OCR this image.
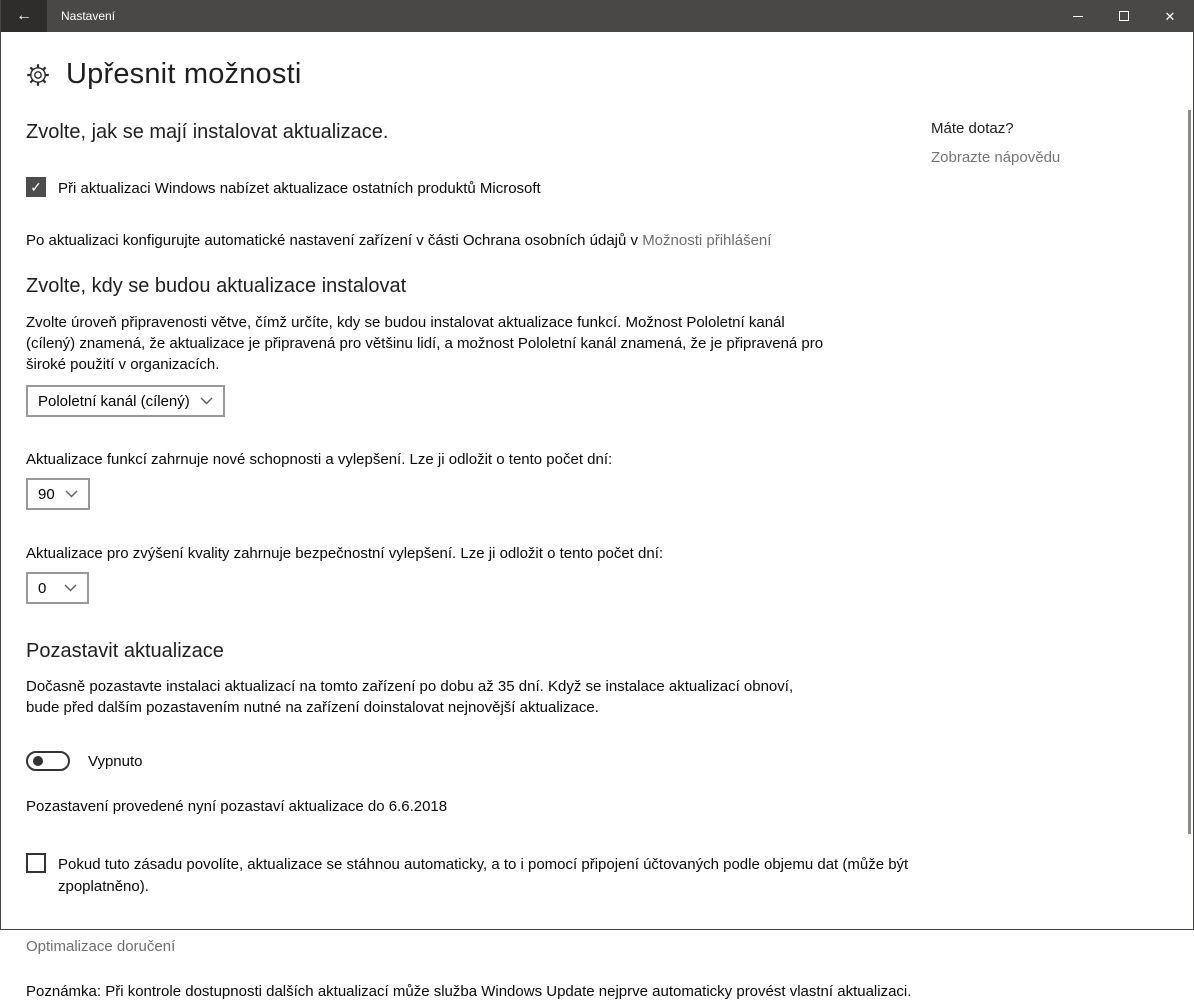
← Nastavení	✕
Upřesnit možnosti
Zvolte, jak se mají instalovat aktualizace.
✓ Při aktualizaci Windows nabízet aktualizace ostatních produktů Microsoft
Po aktualizaci konfigurujte automatické nastavení zařízení v části Ochrana osobních údajů v Možnosti přihlášení
Zvolte, kdy se budou aktualizace instalovat

Zvolte úroveň připravenosti větve, čímž určíte, kdy se budou instalovat aktualizace funkcí. Možnost Pololetní kanál (cílený) znamená, že aktualizace je připravená pro většinu lidí, a možnost Pololetní kanál znamená, že je připravená pro široké použití v organizacích.

Pololetní kanál (cílený)
Aktualizace funkcí zahrnuje nové schopnosti a vylepšení. Lze ji odložit o tento počet dní:
90
Aktualizace pro zvýšení kvality zahrnuje bezpečnostní vylepšení. Lze ji odložit o tento počet dní:
0
Pozastavit aktualizace

Dočasně pozastavte instalaci aktualizací na tomto zařízení po dobu až 35 dní. Když se instalace aktualizací obnoví, bude před dalším pozastavením nutné na zařízení doinstalovat nejnovější aktualizace.

Vypnuto
Pozastavení provedené nyní pozastaví aktualizace do 6.6.2018
Pokud tuto zásadu povolíte, aktualizace se stáhnou automaticky, a to i pomocí připojení účtovaných podle objemu dat (může být zpoplatněno).
Optimalizace doručení
Poznámka: Při kontrole dostupnosti dalších aktualizací může služba Windows Update nejprve automaticky provést vlastní aktualizaci.
Máte dotaz?
Zobrazte nápovědu
